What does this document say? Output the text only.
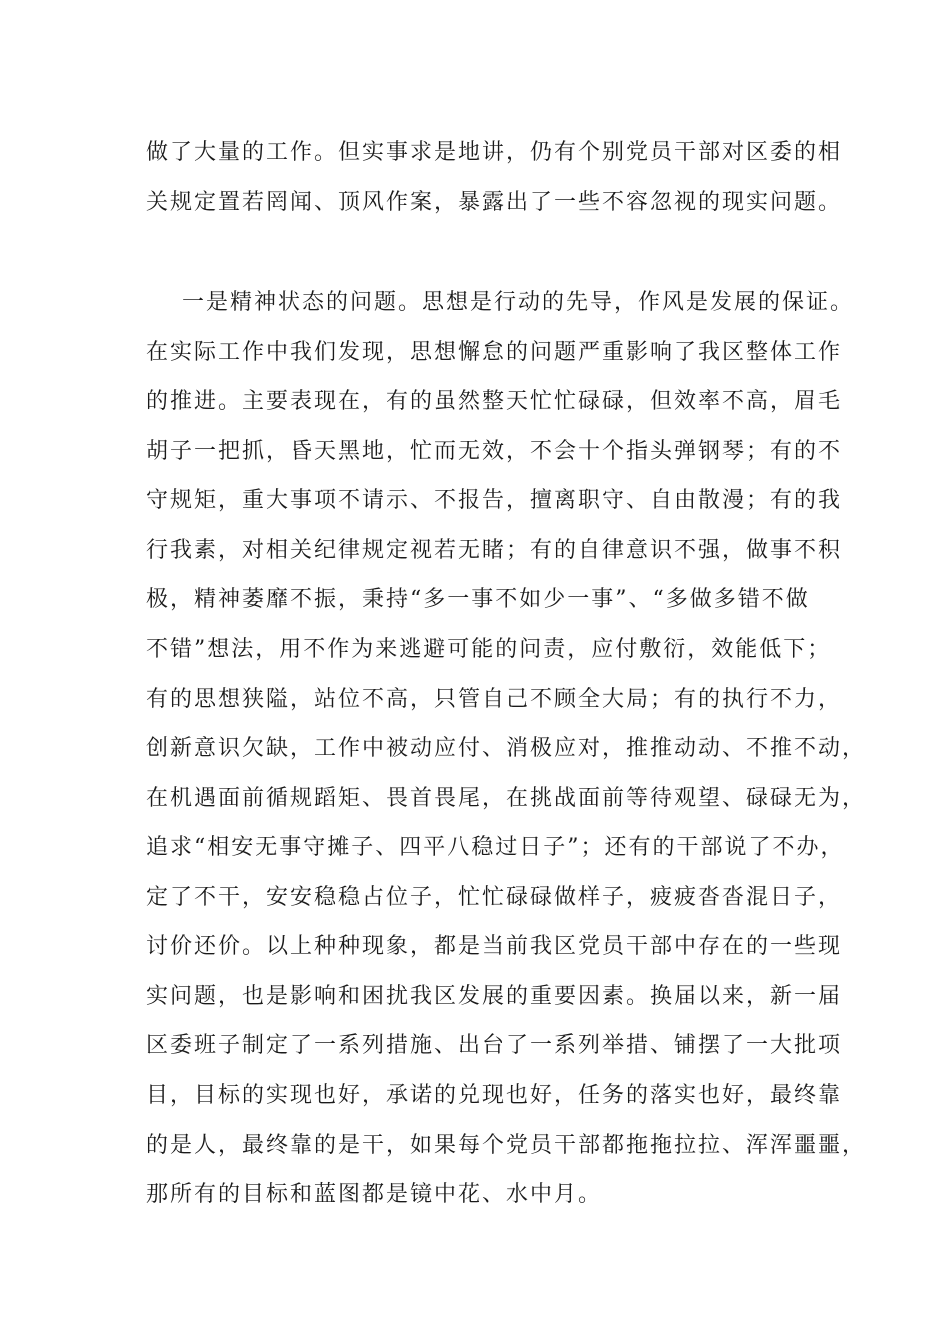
做了大量的工作。但实事求是地讲，仍有个别党员干部对区委的相
关规定置若罔闻、顶风作案，暴露出了一些不容忽视的现实问题。
一是精神状态的问题。思想是行动的先导，作风是发展的保证。
在实际工作中我们发现，思想懈怠的问题严重影响了我区整体工作
的推进。主要表现在，有的虽然整天忙忙碌碌，但效率不高，眉毛
胡子一把抓，昏天黑地，忙而无效，不会十个指头弹钢琴；有的不
守规矩，重大事项不请示、不报告，擅离职守、自由散漫；有的我
行我素，对相关纪律规定视若无睹；有的自律意识不强，做事不积
极，精神萎靡不振，秉持“多一事不如少一事”、“多做多错不做
不错”想法，用不作为来逃避可能的问责，应付敷衍，效能低下；
有的思想狭隘，站位不高，只管自己不顾全大局；有的执行不力，
创新意识欠缺，工作中被动应付、消极应对，推推动动、不推不动，
在机遇面前循规蹈矩、畏首畏尾，在挑战面前等待观望、碌碌无为，
追求“相安无事守摊子、四平八稳过日子”；还有的干部说了不办，
定了不干，安安稳稳占位子，忙忙碌碌做样子，疲疲沓沓混日子，
讨价还价。以上种种现象，都是当前我区党员干部中存在的一些现
实问题，也是影响和困扰我区发展的重要因素。换届以来，新一届
区委班子制定了一系列措施、出台了一系列举措、铺摆了一大批项
目，目标的实现也好，承诺的兑现也好，任务的落实也好，最终靠
的是人，最终靠的是干，如果每个党员干部都拖拖拉拉、浑浑噩噩，
那所有的目标和蓝图都是镜中花、水中月。
